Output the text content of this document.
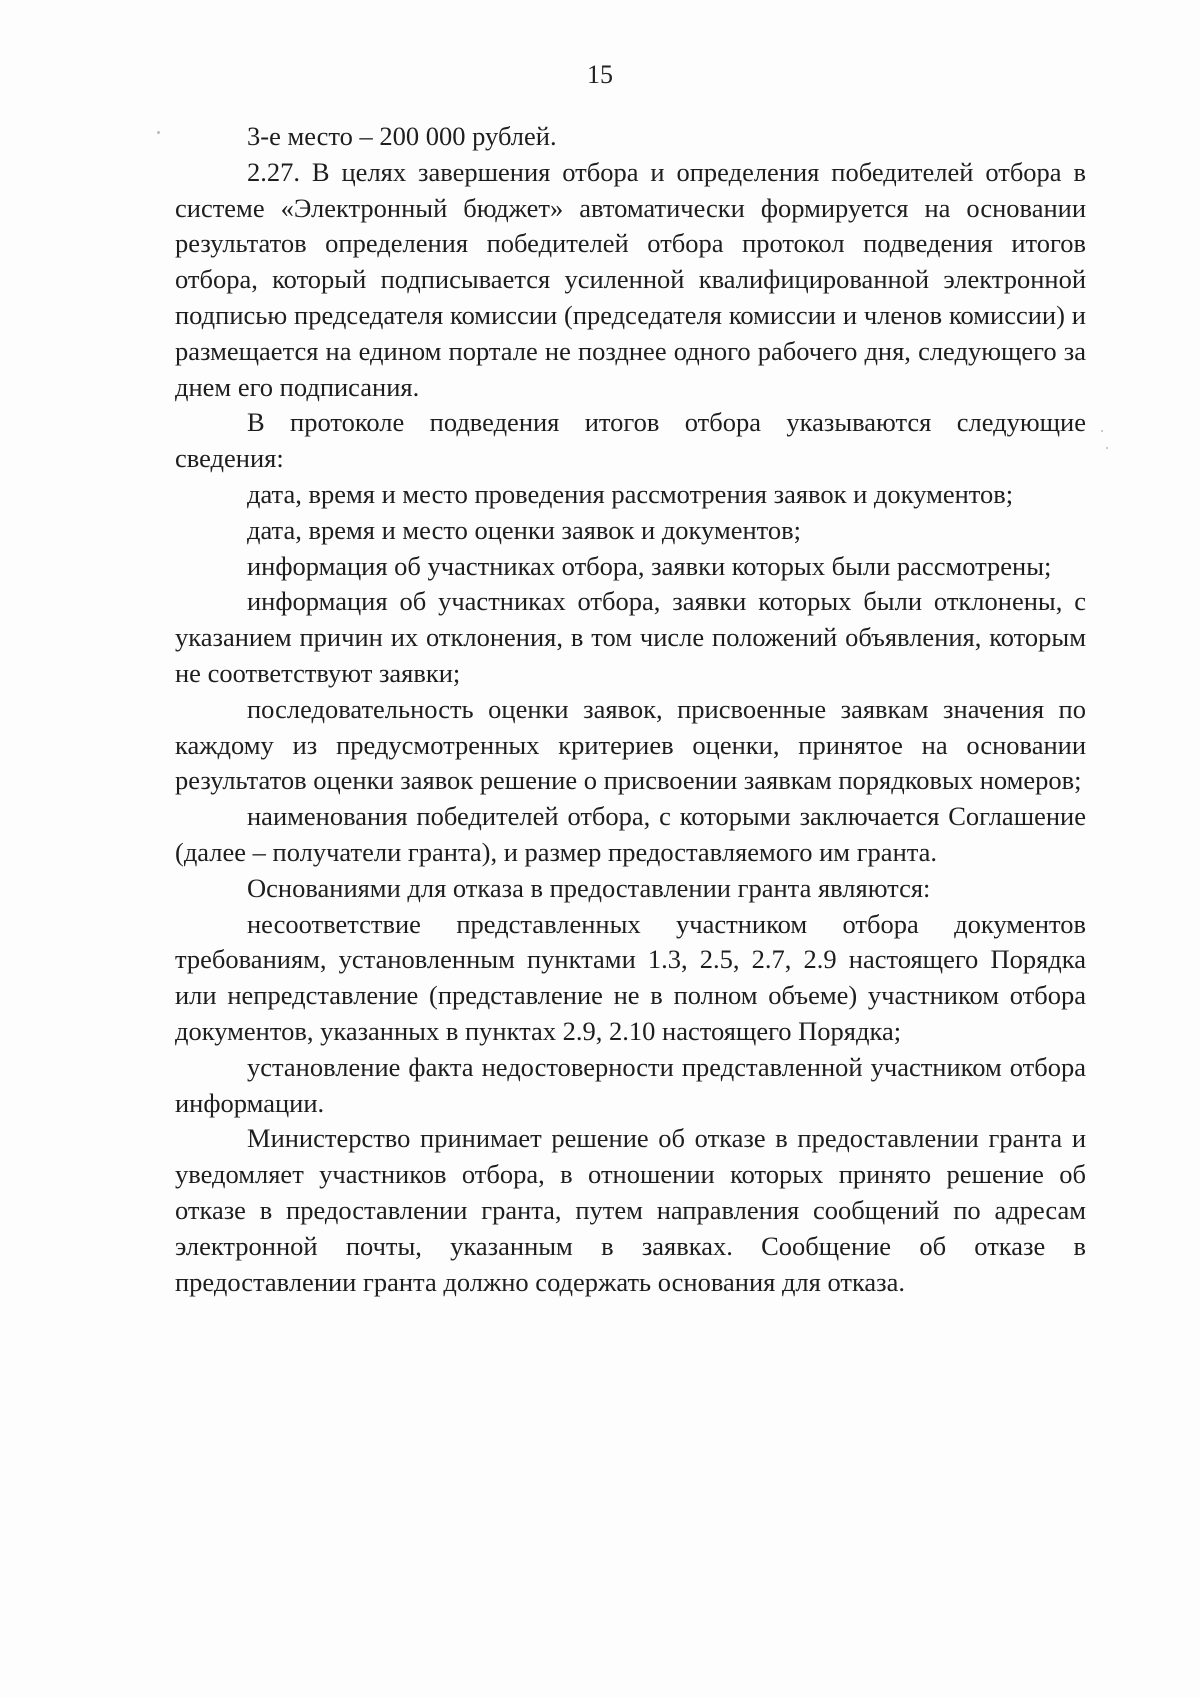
15

3-е место – 200 000 рублей.

2.27. В целях завершения отбора и определения победителей отбора в системе «Электронный бюджет» автоматически формируется на основании результатов определения победителей отбора протокол подведения итогов отбора, который подписывается усиленной квалифицированной электронной подписью председателя комиссии (председателя комиссии и членов комиссии) и размещается на едином портале не позднее одного рабочего дня, следующего за днем его подписания.

В протоколе подведения итогов отбора указываются следующие сведения:

дата, время и место проведения рассмотрения заявок и документов;

дата, время и место оценки заявок и документов;

информация об участниках отбора, заявки которых были рассмотрены;

информация об участниках отбора, заявки которых были отклонены, с указанием причин их отклонения, в том числе положений объявления, которым не соответствуют заявки;

последовательность оценки заявок, присвоенные заявкам значения по каждому из предусмотренных критериев оценки, принятое на основании результатов оценки заявок решение о присвоении заявкам порядковых номеров;

наименования победителей отбора, с которыми заключается Соглашение (далее – получатели гранта), и размер предоставляемого им гранта.

Основаниями для отказа в предоставлении гранта являются:

несоответствие представленных участником отбора документов требованиям, установленным пунктами 1.3, 2.5, 2.7, 2.9 настоящего Порядка или непредставление (представление не в полном объеме) участником отбора документов, указанных в пунктах 2.9, 2.10 настоящего Порядка;

установление факта недостоверности представленной участником отбора информации.

Министерство принимает решение об отказе в предоставлении гранта и уведомляет участников отбора, в отношении которых принято решение об отказе в предоставлении гранта, путем направления сообщений по адресам электронной почты, указанным в заявках. Сообщение об отказе в предоставлении гранта должно содержать основания для отказа.
